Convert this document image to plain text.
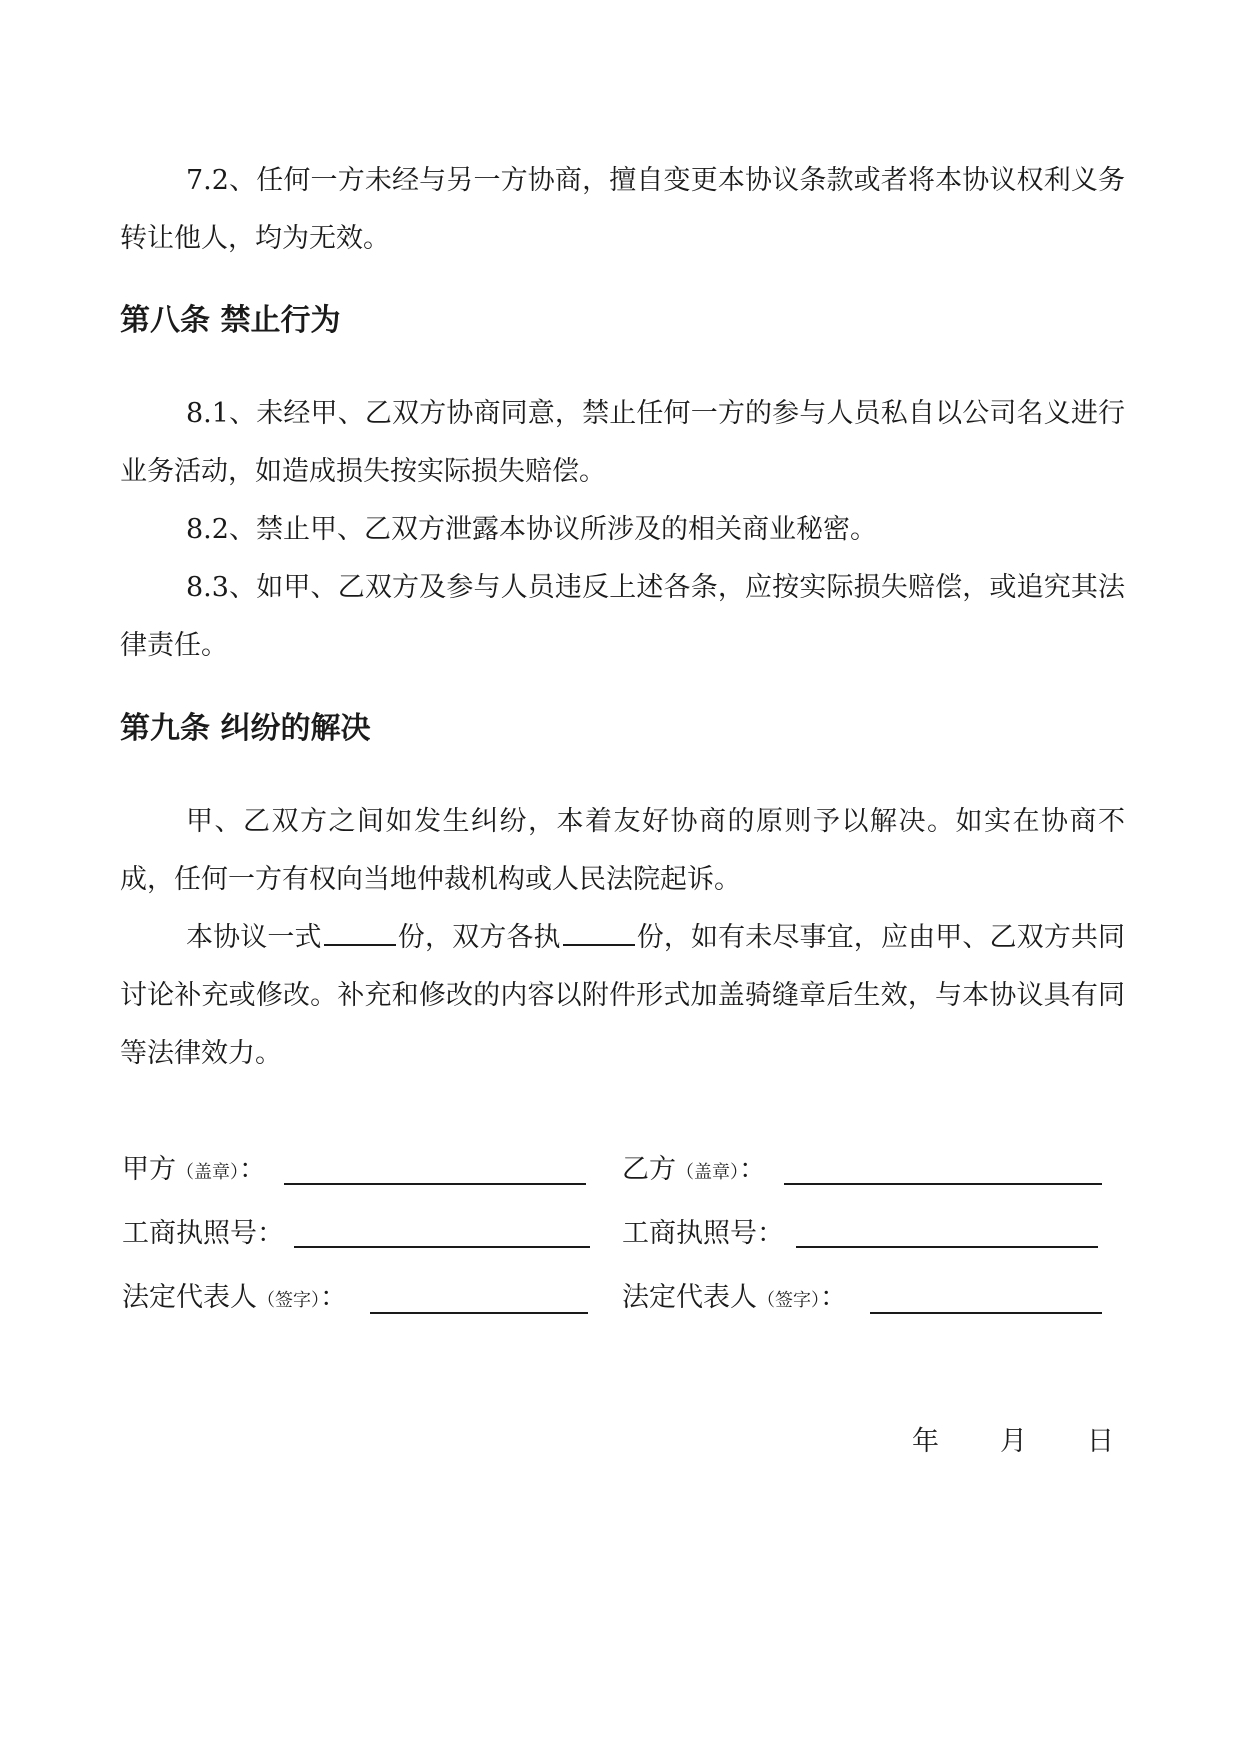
7.2、任何一方未经与另一方协商，擅自变更本协议条款或者将本协议权利义务转让他人，均为无效。

第八条 禁止行为

8.1、未经甲、乙双方协商同意，禁止任何一方的参与人员私自以公司名义进行业务活动，如造成损失按实际损失赔偿。

8.2、禁止甲、乙双方泄露本协议所涉及的相关商业秘密。

8.3、如甲、乙双方及参与人员违反上述各条，应按实际损失赔偿，或追究其法律责任。

第九条 纠纷的解决

甲、乙双方之间如发生纠纷，本着友好协商的原则予以解决。如实在协商不成，任何一方有权向当地仲裁机构或人民法院起诉。

本协议一式	份，双方各执	份，如有未尽事宜，应由甲、乙双方共同讨论补充或修改。补充和修改的内容以附件形式加盖骑缝章后生效，与本协议具有同等法律效力。

甲方（盖章）：
工商执照号：
法定代表人（签字）：
乙方（盖章）：
工商执照号：
法定代表人（签字）：
年 月 日
